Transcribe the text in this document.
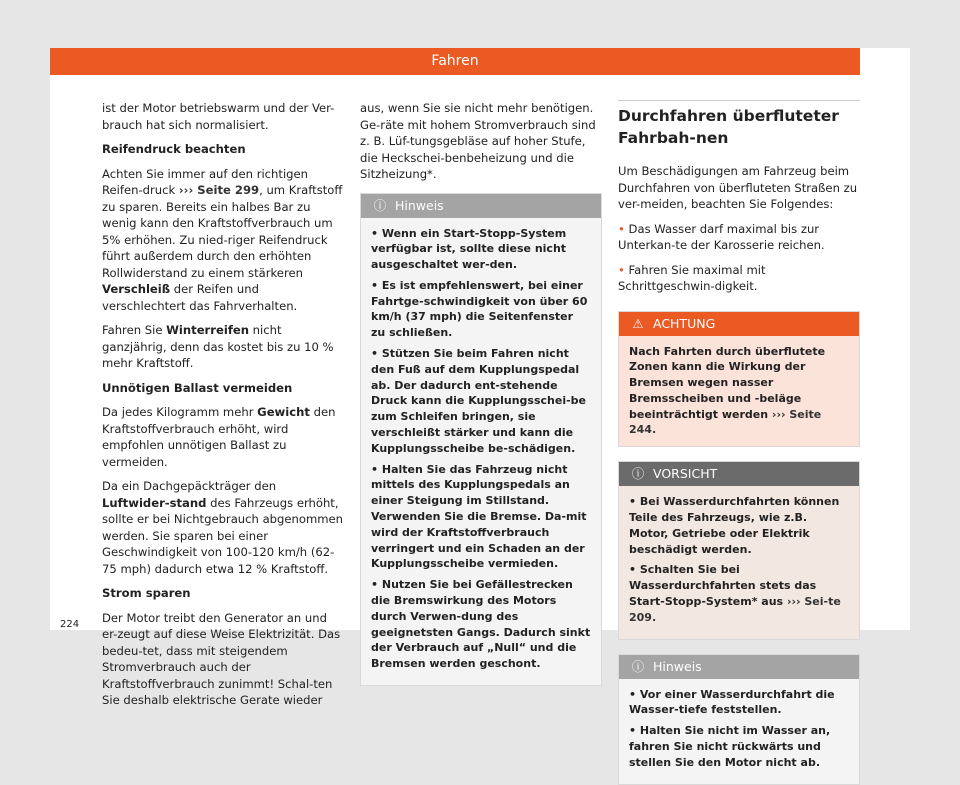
Fahren

ist der Motor betriebswarm und der Ver-brauch hat sich normalisiert.

Reifendruck beachten

Achten Sie immer auf den richtigen Reifen-druck ››› Seite 299, um Kraftstoff zu sparen. Bereits ein halbes Bar zu wenig kann den Kraftstoffverbrauch um 5% erhöhen. Zu nied-riger Reifendruck führt außerdem durch den erhöhten Rollwiderstand zu einem stärkeren Verschleiß der Reifen und verschlechtert das Fahrverhalten.

Fahren Sie Winterreifen nicht ganzjährig, denn das kostet bis zu 10 % mehr Kraftstoff.

Unnötigen Ballast vermeiden

Da jedes Kilogramm mehr Gewicht den Kraftstoffverbrauch erhöht, wird empfohlen unnötigen Ballast zu vermeiden.

Da ein Dachgepäckträger den Luftwider-stand des Fahrzeugs erhöht, sollte er bei Nichtgebrauch abgenommen werden. Sie sparen bei einer Geschwindigkeit von 100-120 km/h (62-75 mph) dadurch etwa 12 % Kraftstoff.

Strom sparen

Der Motor treibt den Generator an und er-zeugt auf diese Weise Elektrizität. Das bedeu-tet, dass mit steigendem Stromverbrauch auch der Kraftstoffverbrauch zunimmt! Schal-ten Sie deshalb elektrische Gerate wieder

aus, wenn Sie sie nicht mehr benötigen. Ge-räte mit hohem Stromverbrauch sind z. B. Lüf-tungsgebläse auf hoher Stufe, die Heckschei-benbeheizung und die Sitzheizung*.

ⓘ Hinweis
• Wenn ein Start-Stopp-System verfügbar ist, sollte diese nicht ausgeschaltet wer-den.
• Es ist empfehlenswert, bei einer Fahrtge-schwindigkeit von über 60 km/h (37 mph) die Seitenfenster zu schließen.
• Stützen Sie beim Fahren nicht den Fuß auf dem Kupplungspedal ab. Der dadurch ent-stehende Druck kann die Kupplungsschei-be zum Schleifen bringen, sie verschleißt stärker und kann die Kupplungsscheibe be-schädigen.
• Halten Sie das Fahrzeug nicht mittels des Kupplungspedals an einer Steigung im Stillstand. Verwenden Sie die Bremse. Da-mit wird der Kraftstoffverbrauch verringert und ein Schaden an der Kupplungsscheibe vermieden.
• Nutzen Sie bei Gefällestrecken die Bremswirkung des Motors durch Verwen-dung des geeignetsten Gangs. Dadurch sinkt der Verbrauch auf „Null“ und die Bremsen werden geschont.
Durchfahren überfluteter Fahrbah-nen

Um Beschädigungen am Fahrzeug beim Durchfahren von überfluteten Straßen zu ver-meiden, beachten Sie Folgendes:

• Das Wasser darf maximal bis zur Unterkan-te der Karosserie reichen.

• Fahren Sie maximal mit Schrittgeschwin-digkeit.

⚠ ACHTUNG
Nach Fahrten durch überflutete Zonen kann die Wirkung der Bremsen wegen nasser Bremsscheiben und -beläge beeinträchtigt werden ››› Seite 244.
ⓘ VORSICHT
• Bei Wasserdurchfahrten können Teile des Fahrzeugs, wie z.B. Motor, Getriebe oder Elektrik beschädigt werden.
• Schalten Sie bei Wasserdurchfahrten stets das Start-Stopp-System* aus ››› Sei-te 209.
ⓘ Hinweis
• Vor einer Wasserdurchfahrt die Wasser-tiefe feststellen.
• Halten Sie nicht im Wasser an, fahren Sie nicht rückwärts und stellen Sie den Motor nicht ab.
224
